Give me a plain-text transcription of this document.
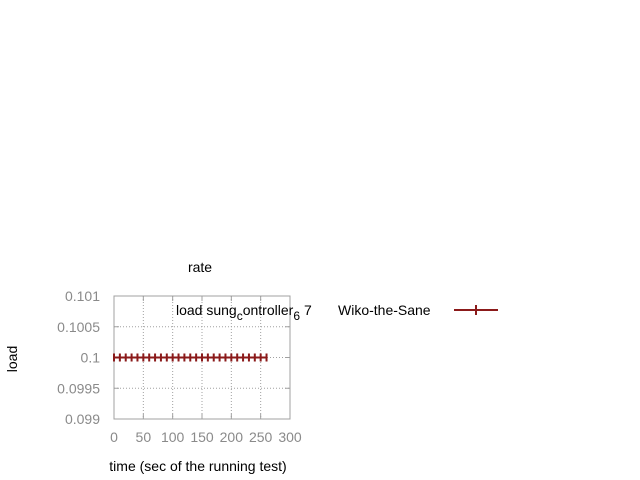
0 50 100 150 200 250 300
0.099
0.0995
0.1
0.1005
0.101
rate
time (sec of the running test)
load
load sungcontroller6 7 Wiko-the-Sane
